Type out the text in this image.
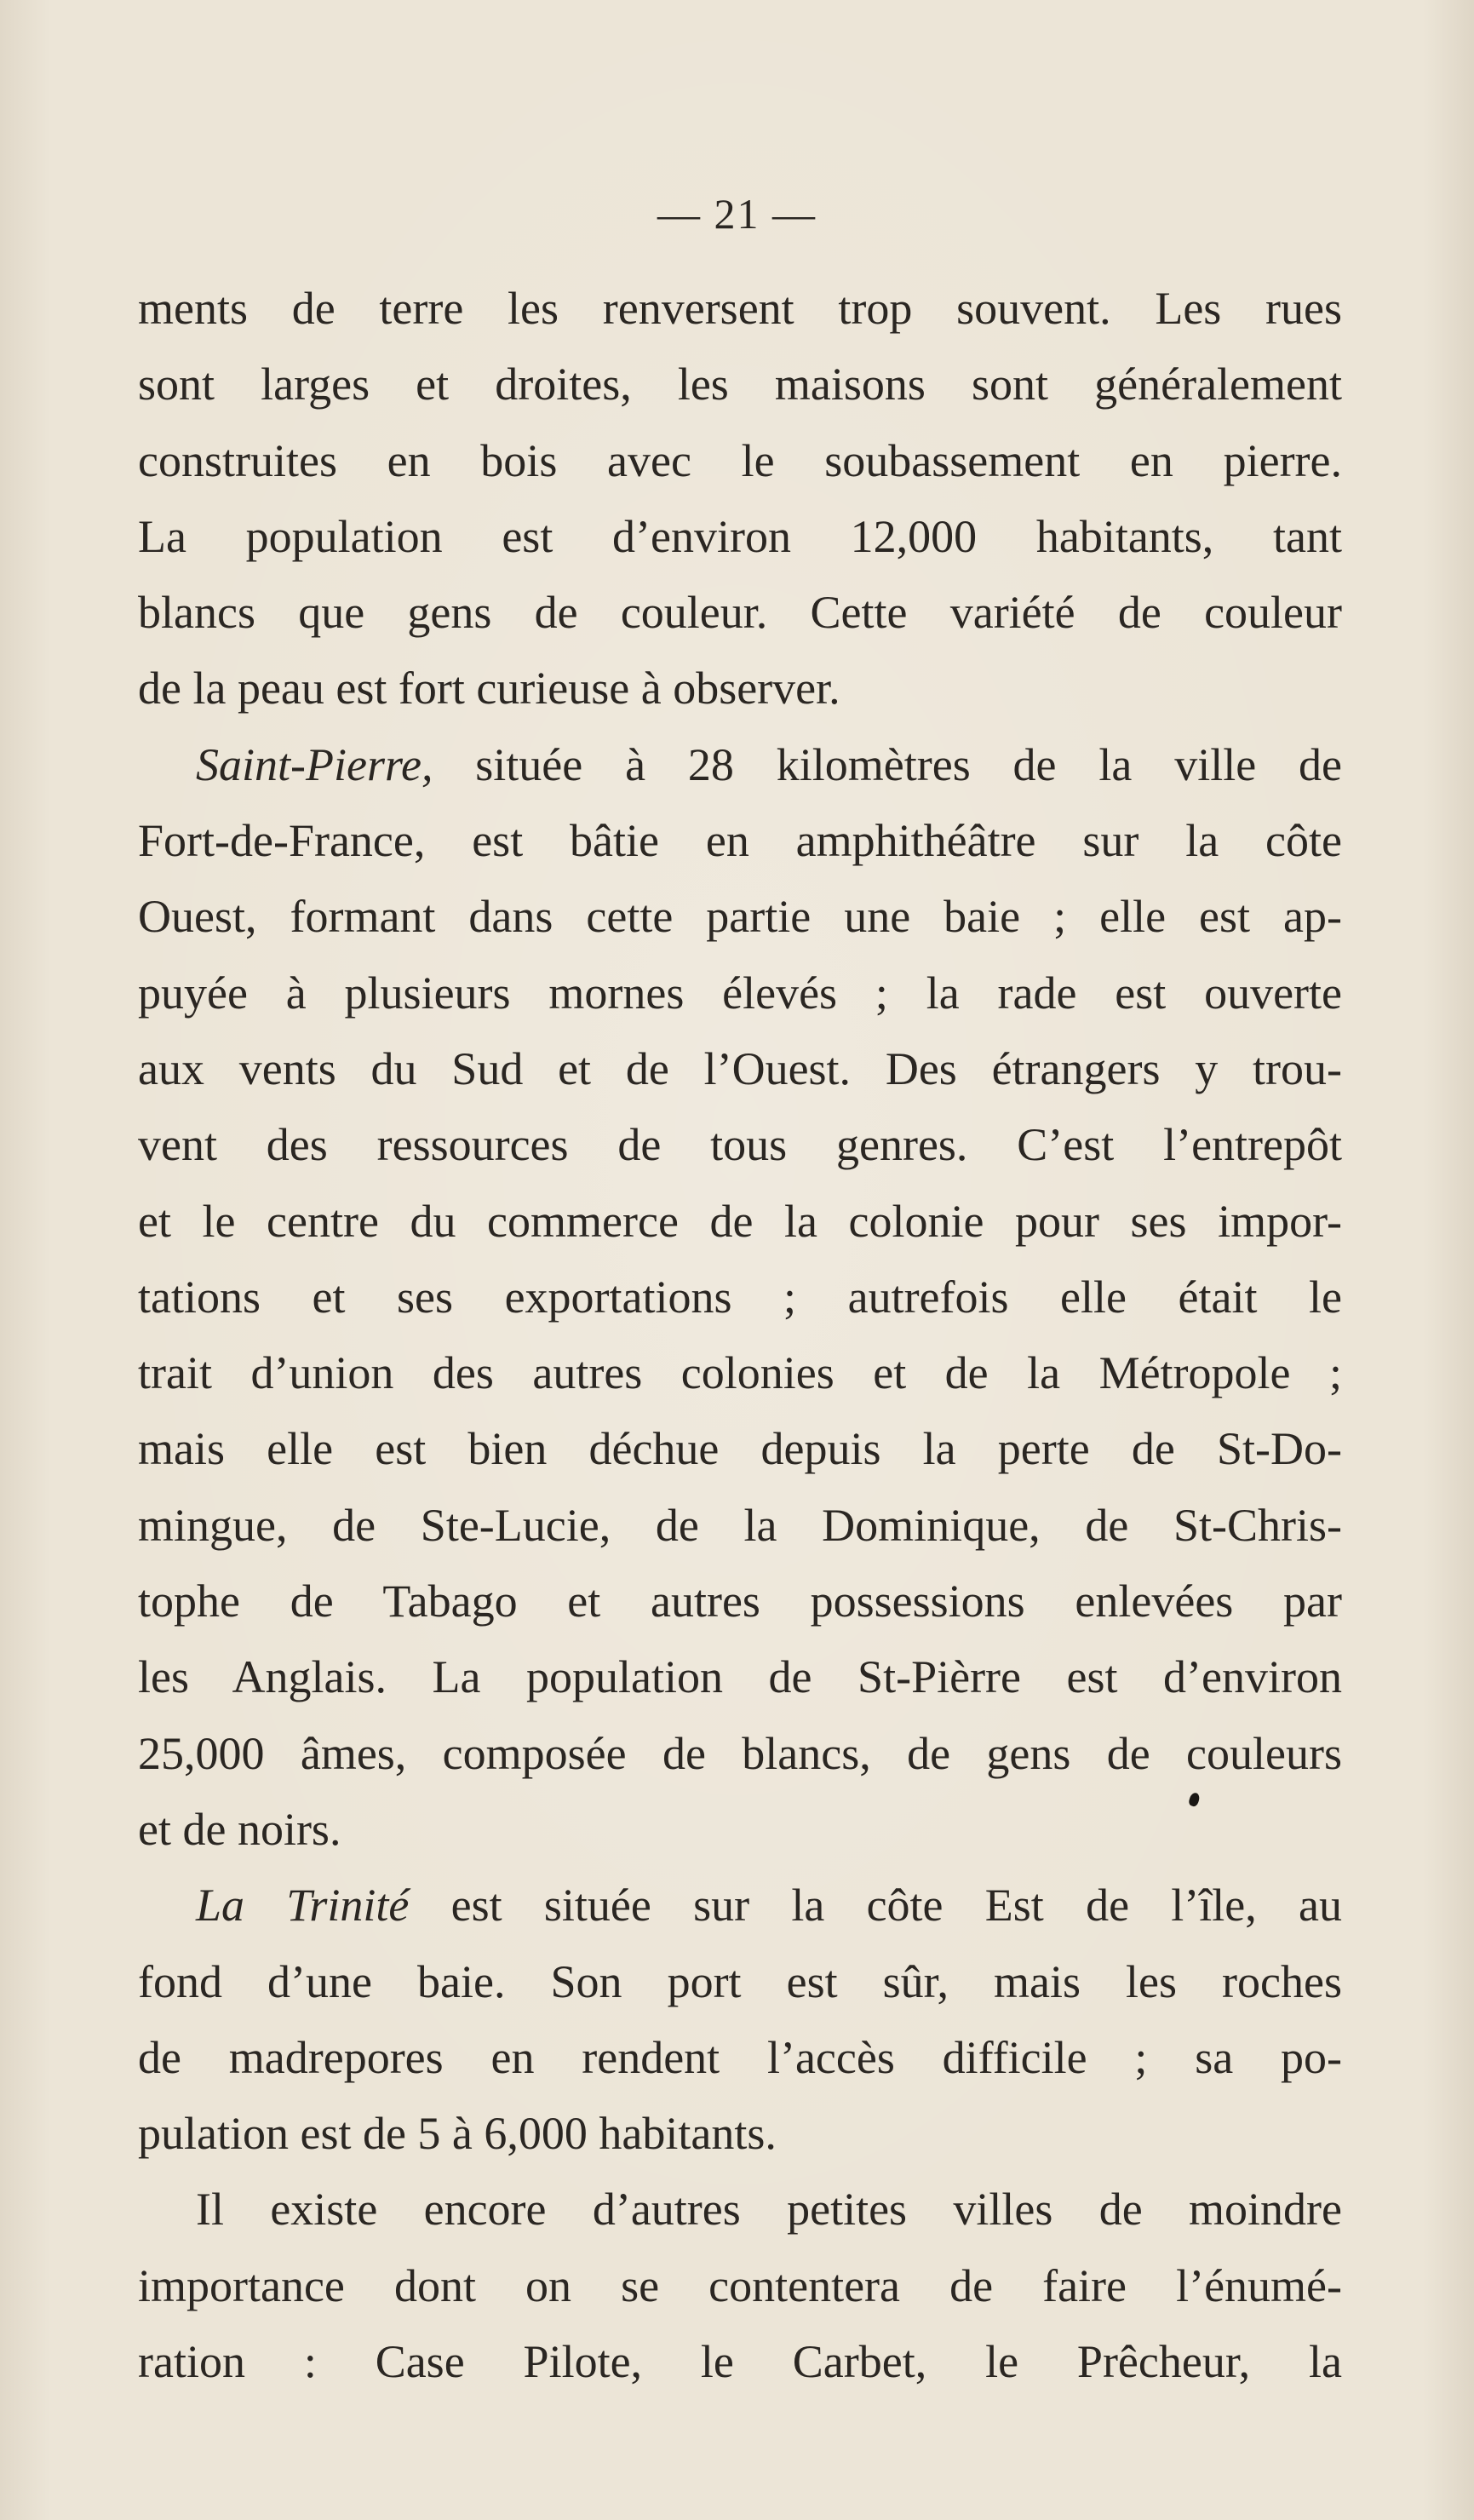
— 21 —
ments de terre les renversent trop souvent. Les rues
sont larges et droites, les maisons sont généralement
construites en bois avec le soubassement en pierre.
La population est d’environ 12,000 habitants, tant
blancs que gens de couleur. Cette variété de couleur
de la peau est fort curieuse à observer.
Saint-Pierre, située à 28 kilomètres de la ville de
Fort-de-France, est bâtie en amphithéâtre sur la côte
Ouest, formant dans cette partie une baie ; elle est ap-
puyée à plusieurs mornes élevés ; la rade est ouverte
aux vents du Sud et de l’Ouest. Des étrangers y trou-
vent des ressources de tous genres. C’est l’entrepôt
et le centre du commerce de la colonie pour ses impor-
tations et ses exportations ; autrefois elle était le
trait d’union des autres colonies et de la Métropole ;
mais elle est bien déchue depuis la perte de St-Do-
mingue, de Ste-Lucie, de la Dominique, de St-Chris-
tophe de Tabago et autres possessions enlevées par
les Anglais. La population de St-Pièrre est d’environ
25,000 âmes, composée de blancs, de gens de couleurs
et de noirs.
La Trinité est située sur la côte Est de l’île, au
fond d’une baie. Son port est sûr, mais les roches
de madrepores en rendent l’accès difficile ; sa po-
pulation est de 5 à 6,000 habitants.
Il existe encore d’autres petites villes de moindre
importance dont on se contentera de faire l’énumé-
ration : Case Pilote, le Carbet, le Prêcheur, la
